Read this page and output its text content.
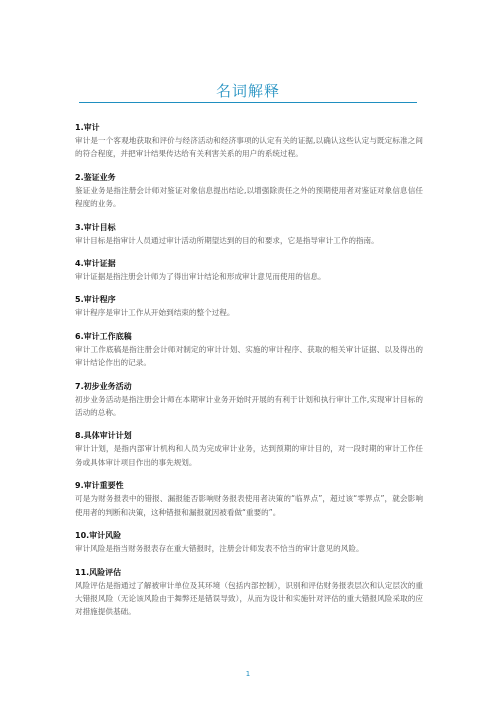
名词解释
1.审计
审计是一个客观地获取和评价与经济活动和经济事项的认定有关的证据,以确认这些认定与既定标准之间的符合程度，并把审计结果传达给有关利害关系的用户的系统过程。
2.鉴证业务
鉴证业务是指注册会计师对鉴证对象信息提出结论,以增强除责任之外的预期使用者对鉴证对象信息信任程度的业务。
3.审计目标
审计目标是指审计人员通过审计活动所期望达到的目的和要求，它是指导审计工作的指南。
4.审计证据
审计证据是指注册会计师为了得出审计结论和形成审计意见而使用的信息。
5.审计程序
审计程序是审计工作从开始到结束的整个过程。
6.审计工作底稿
审计工作底稿是指注册会计师对制定的审计计划、实施的审计程序、获取的相关审计证据、以及得出的审计结论作出的记录。
7.初步业务活动
初步业务活动是指注册会计师在本期审计业务开始时开展的有利于计划和执行审计工作,实现审计目标的活动的总称。
8.具体审计计划
审计计划，是指内部审计机构和人员为完成审计业务，达到预期的审计目的，对一段时期的审计工作任务或具体审计项目作出的事先规划。
9.审计重要性
可是为财务报表中的错报、漏报能否影响财务报表使用者决策的“临界点”，超过该“零界点”，就会影响使用者的判断和决策，这种错报和漏报就因被看做“重要的”。
10.审计风险
审计风险是指当财务报表存在重大错报时，注册会计师发表不恰当的审计意见的风险。
11.风险评估
风险评估是指通过了解被审计单位及其环境（包括内部控制），识别和评估财务报表层次和认定层次的重大错报风险（无论该风险由于舞弊还是错误导致），从而为设计和实施针对评估的重大错报风险采取的应对措施提供基础。
1
